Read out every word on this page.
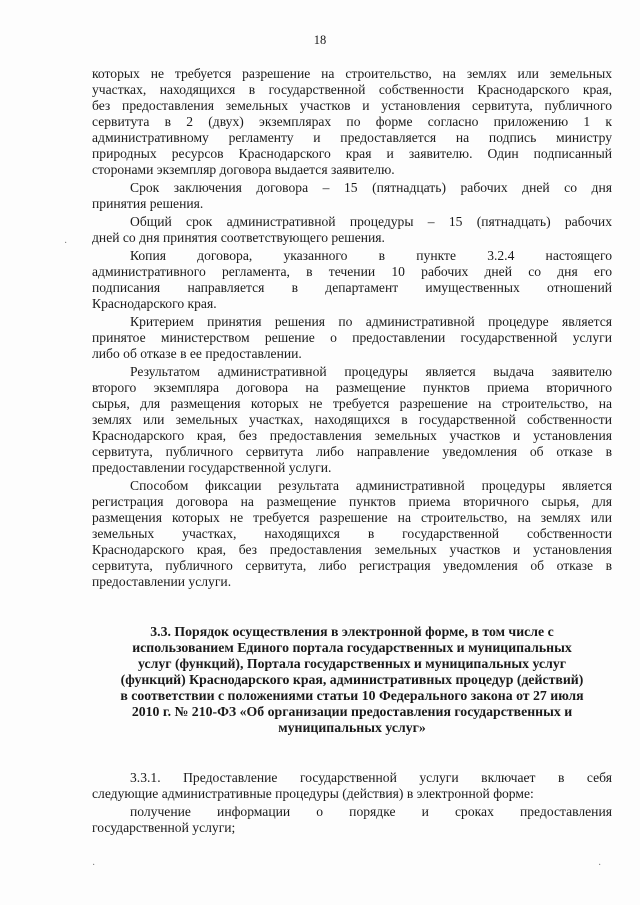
18
которых не требуется разрешение на строительство, на землях или земельных
участках, находящихся в государственной собственности Краснодарского края,
без предоставления земельных участков и установления сервитута, публичного
сервитута в 2 (двух) экземплярах по форме согласно приложению 1 к
административному регламенту и предоставляется на подпись министру
природных ресурсов Краснодарского края и заявителю. Один подписанный
сторонами экземпляр договора выдается заявителю.
Срок заключения договора – 15 (пятнадцать) рабочих дней со дня
принятия решения.
Общий срок административной процедуры – 15 (пятнадцать) рабочих
дней со дня принятия соответствующего решения.
Копия договора, указанного в пункте 3.2.4 настоящего
административного регламента, в течении 10 рабочих дней со дня его
подписания направляется в департамент имущественных отношений
Краснодарского края.
Критерием принятия решения по административной процедуре является
принятое министерством решение о предоставлении государственной услуги
либо об отказе в ее предоставлении.
Результатом административной процедуры является выдача заявителю
второго экземпляра договора на размещение пунктов приема вторичного
сырья, для размещения которых не требуется разрешение на строительство, на
землях или земельных участках, находящихся в государственной собственности
Краснодарского края, без предоставления земельных участков и установления
сервитута, публичного сервитута либо направление уведомления об отказе в
предоставлении государственной услуги.
Способом фиксации результата административной процедуры является
регистрация договора на размещение пунктов приема вторичного сырья, для
размещения которых не требуется разрешение на строительство, на землях или
земельных участках, находящихся в государственной собственности
Краснодарского края, без предоставления земельных участков и установления
сервитута, публичного сервитута, либо регистрация уведомления об отказе в
предоставлении услуги.
3.3. Порядок осуществления в электронной форме, в том числе с
использованием Единого портала государственных и муниципальных
услуг (функций), Портала государственных и муниципальных услуг
(функций) Краснодарского края, административных процедур (действий)
в соответствии с положениями статьи 10 Федерального закона от 27 июля
2010 г. № 210-ФЗ «Об организации предоставления государственных и
муниципальных услуг»
3.3.1. Предоставление государственной услуги включает в себя
следующие административные процедуры (действия) в электронной форме:
получение информации о порядке и сроках предоставления
государственной услуги;
·
·	·
